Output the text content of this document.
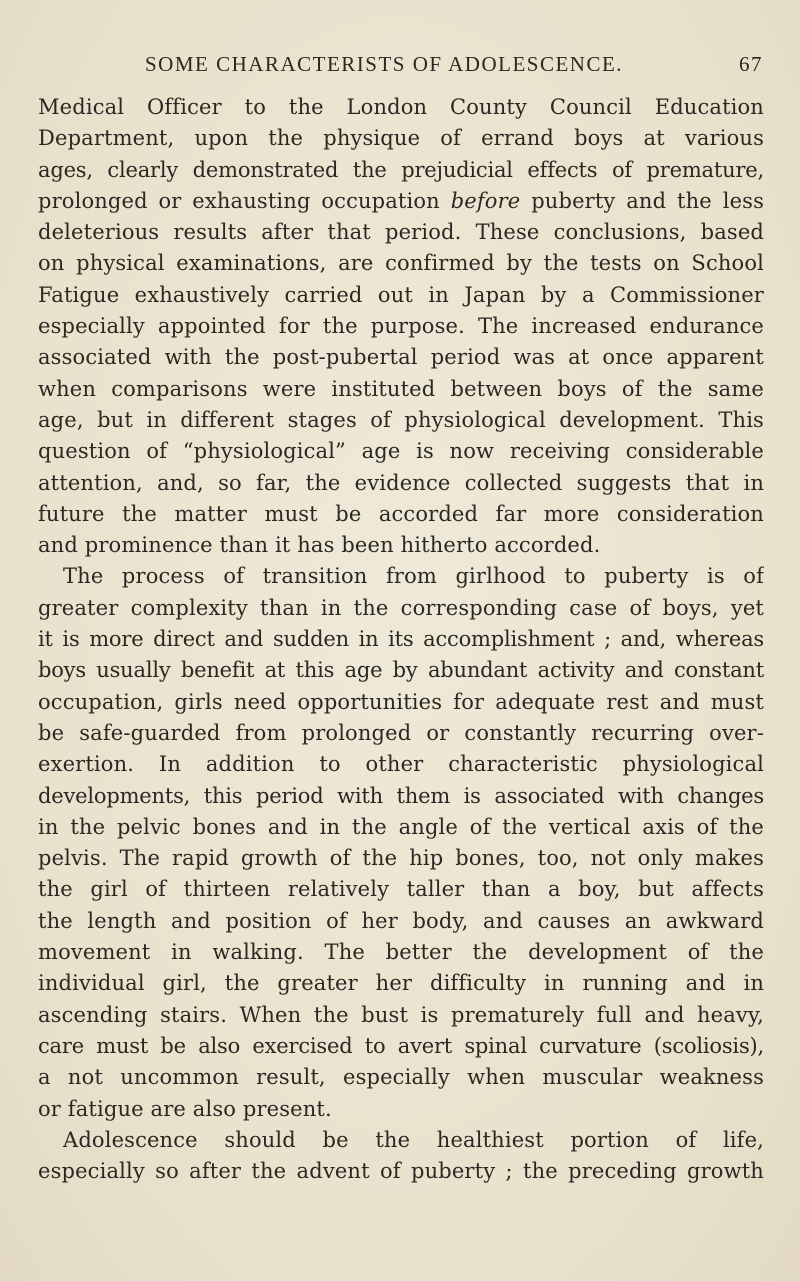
SOME CHARACTERISTS OF ADOLESCENCE.	67
Medical Officer to the London County Council Education
Department, upon the physique of errand boys at various
ages, clearly demonstrated the prejudicial effects of premature,
prolonged or exhausting occupation before puberty and the less
deleterious results after that period. These conclusions, based
on physical examinations, are confirmed by the tests on School
Fatigue exhaustively carried out in Japan by a Commissioner
especially appointed for the purpose. The increased endurance
associated with the post-pubertal period was at once apparent
when comparisons were instituted between boys of the same
age, but in different stages of physiological development. This
question of “physiological” age is now receiving considerable
attention, and, so far, the evidence collected suggests that in
future the matter must be accorded far more consideration
and prominence than it has been hitherto accorded.
The process of transition from girlhood to puberty is of
greater complexity than in the corresponding case of boys, yet
it is more direct and sudden in its accomplishment ; and, whereas
boys usually benefit at this age by abundant activity and constant
occupation, girls need opportunities for adequate rest and must
be safe-guarded from prolonged or constantly recurring over-
exertion. In addition to other characteristic physiological
developments, this period with them is associated with changes
in the pelvic bones and in the angle of the vertical axis of the
pelvis. The rapid growth of the hip bones, too, not only makes
the girl of thirteen relatively taller than a boy, but affects
the length and position of her body, and causes an awkward
movement in walking. The better the development of the
individual girl, the greater her difficulty in running and in
ascending stairs. When the bust is prematurely full and heavy,
care must be also exercised to avert spinal curvature (scoliosis),
a not uncommon result, especially when muscular weakness
or fatigue are also present.
Adolescence should be the healthiest portion of life,
especially so after the advent of puberty ; the preceding growth
